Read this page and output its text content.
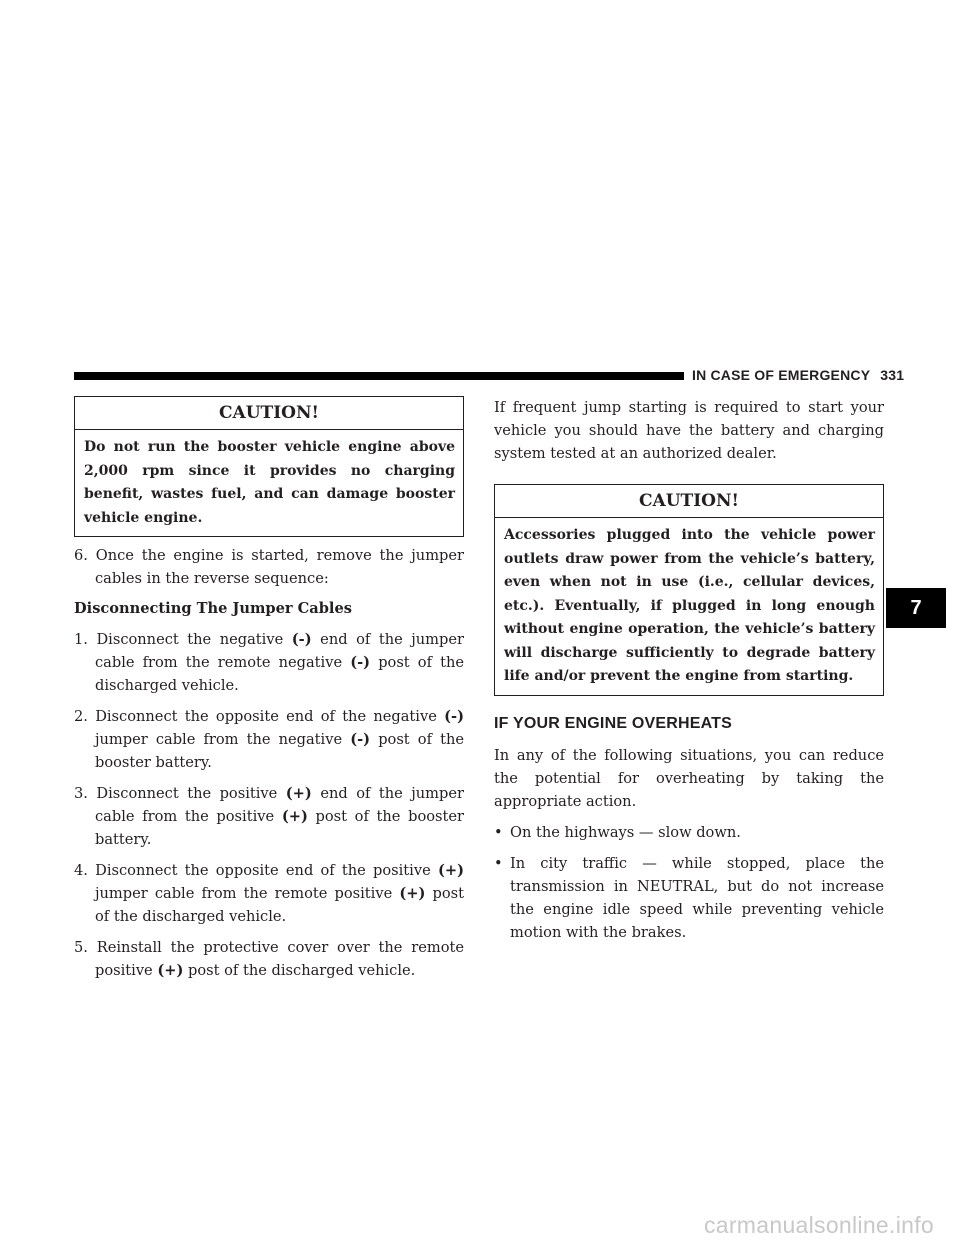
IN CASE OF EMERGENCY 331
7
CAUTION!
Do not run the booster vehicle engine above 2,000 rpm since it provides no charging benefit, wastes fuel, and can damage booster vehicle engine.

6. Once the engine is started, remove the jumper cables in the reverse sequence:

Disconnecting The Jumper Cables

1. Disconnect the negative (-) end of the jumper cable from the remote negative (-) post of the discharged vehicle.

2. Disconnect the opposite end of the negative (-) jumper cable from the negative (-) post of the booster battery.

3. Disconnect the positive (+) end of the jumper cable from the positive (+) post of the booster battery.

4. Disconnect the opposite end of the positive (+) jumper cable from the remote positive (+) post of the discharged vehicle.

5. Reinstall the protective cover over the remote positive (+) post of the discharged vehicle.

If frequent jump starting is required to start your vehicle you should have the battery and charging system tested at an authorized dealer.

CAUTION!
Accessories plugged into the vehicle power outlets draw power from the vehicle’s battery, even when not in use (i.e., cellular devices, etc.). Eventually, if plugged in long enough without engine operation, the vehicle’s battery will discharge sufficiently to degrade battery life and/or prevent the engine from starting.
IF YOUR ENGINE OVERHEATS

In any of the following situations, you can reduce the potential for overheating by taking the appropriate action.

• On the highways — slow down.

• In city traffic — while stopped, place the transmission in NEUTRAL, but do not increase the engine idle speed while preventing vehicle motion with the brakes.

carmanualsonline.info
